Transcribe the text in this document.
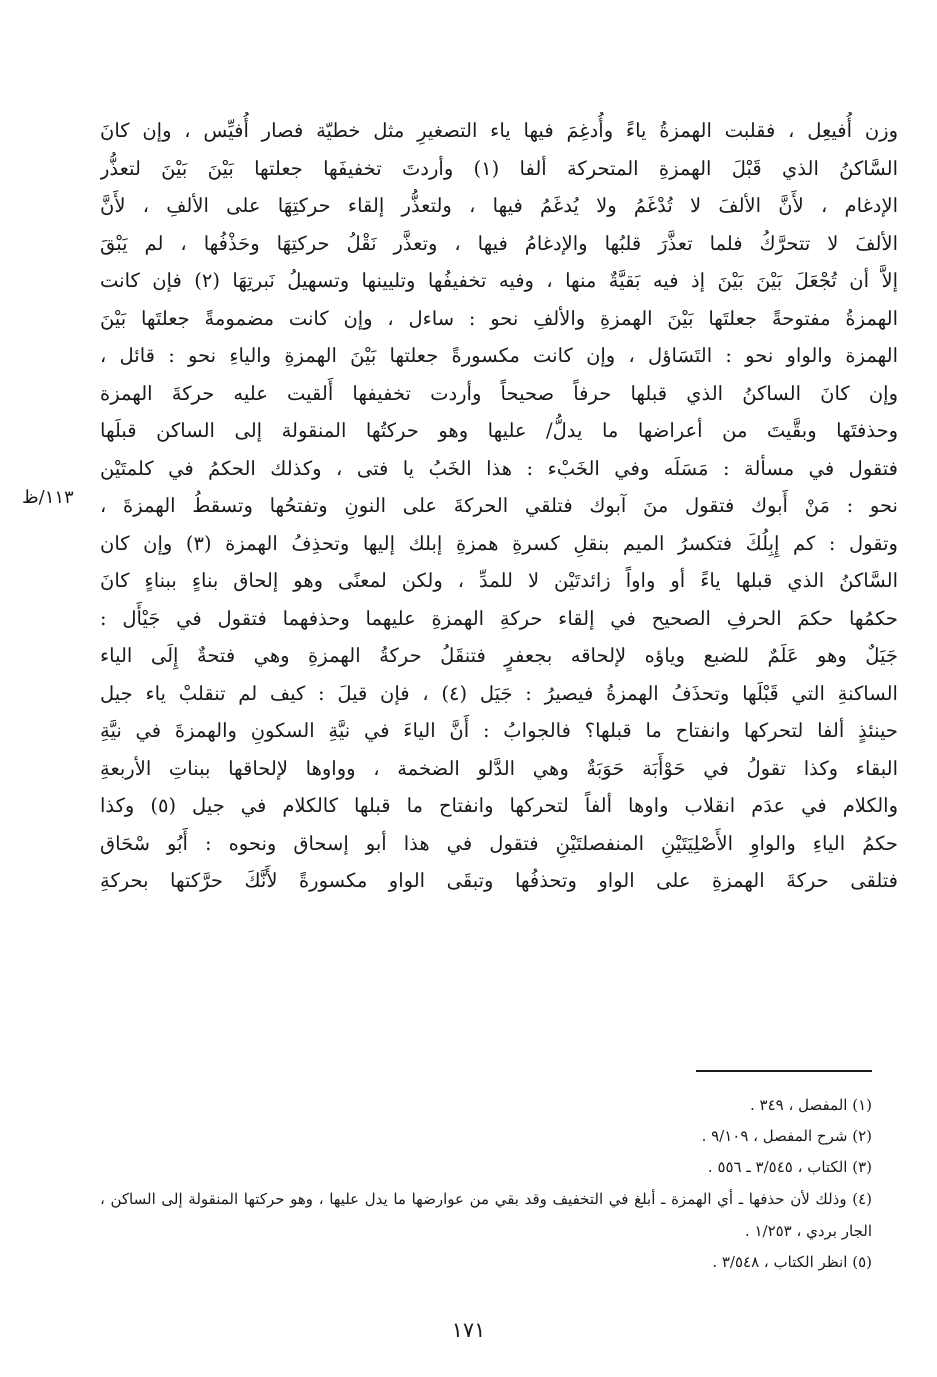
وزن أُفيعِل ، فقلبت الهمزةُ ياءً وأُدغِمَ فيها ياء التصغيرِ مثل خطيّة فصار أُفيِّس ، وإن كانَ
السَّاكنُ الذي قَبْلَ الهمزةِ المتحركة ألفا (١) وأردتَ تخفيفَها جعلتها بَيْنَ بَيْنَ لتعذُّر
الإدغام ، لأَنَّ الألفَ لا تُدْغَمُ ولا يُدغَمُ فيها ، ولتعذُّر إلقاء حركتِهَا على الألفِ ، لأَنَّ
الألفَ لا تتحرَّكُ فلما تعذَّرَ قلبُها والإدغامُ فيها ، وتعذَّر نَقْلُ حركتِهَا وحَذْفُها ، لم يَبْقَ
إلاَّ أن تُجْعَلَ بَيْنَ بَيْنَ إذ فيه بَقيَّةٌ منها ، وفيه تخفيفُها وتليينها وتسهيلُ نَبرتِهَا (٢) فإن كانت
الهمزةُ مفتوحةً جعلتَها بَيْنَ الهمزةِ والألفِ نحو : ساءل ، وإن كانت مضمومةً جعلتَها بَيْنَ
الهمزة والواو نحو : التَسَاؤل ، وإن كانت مكسورةً جعلتها بَيْنَ الهمزةِ والياءِ نحو : قائل ،
وإن كانَ الساكنُ الذي قبلها حرفاً صحيحاً وأردت تخفيفها أَلقيت عليه حركةَ الهمزة
وحذفتَها وبقَّيتَ من أعراضها ما يدلُّ/ عليها وهو حركتُها المنقولة إلى الساكن قبلَها
فتقول في مسألة : مَسَلَه وفي الخَبْء : هذا الخَبُ يا فتى ، وكذلك الحكمُ في كلمتَيْن
نحو : مَنْ أَبوك فتقول منَ آبوك فتلقي الحركةَ على النونِ وتفتحُها وتسقطُ الهمزةَ ،
وتقول : كم إِبِلُكَ فتكسرُ الميم بنقلِ كسرةِ همزةِ إبلك إليها وتحذِفُ الهمزة (٣) وإن كان
السَّاكنُ الذي قبلها ياءً أو واواً زائدتَيْن لا للمدِّ ، ولكن لمعنًى وهو إلحاق بناءٍ ببناءٍ كانَ
حكمُها حكمَ الحرفِ الصحيح في إلقاء حركةِ الهمزةِ عليهما وحذفهما فتقول في جَيْأَل :
جَيَلٌ وهو عَلَمٌ للضبع وياؤه لإلحاقه بجعفرٍ فتنقَلُ حركةُ الهمزةِ وهي فتحةٌ إِلَى الياء
الساكنةِ التي قَبْلَها وتحذَفُ الهمزةُ فيصيرُ : جَيَل (٤) ، فإن قيلَ : كيف لم تنقلبْ ياء جيل
حينئذٍ ألفا لتحركها وانفتاح ما قبلها؟ فالجوابُ : أَنَّ الياءَ في نيَّةِ السكونِ والهمزةَ في نيَّةِ
البقاء وكذا تقولُ في حَوْأَبَة حَوَبَةٌ وهي الدَّلو الضخمة ، وواوها لإلحاقها ببناتِ الأربعةِ
والكلام في عدَم انقلاب واوها ألفاً لتحركها وانفتاح ما قبلها كالكلام في جيل (٥) وكذا
حكمُ الياءِ والواوِ الأَصْلِيَتَيْنِ المنفصلتَيْنِ فتقول في هذا أبو إسحاق ونحوه : أَبُو سْحَاق
فتلقى حركةَ الهمزةِ على الواو وتحذفُها وتبقَى الواو مكسورةً لأَنَّكَ حرَّكتها بحركةِ
١١٣/ظ
(١) المفصل ، ٣٤٩ .
(٢) شرح المفصل ، ٩/١٠٩ .
(٣) الكتاب ، ٣/٥٤٥ ـ ٥٥٦ .
(٤) وذلك لأن حذفها ـ أي الهمزة ـ أبلغ في التخفيف وقد بقي من عوارضها ما يدل عليها ، وهو حركتها المنقولة إلى الساكن ، الجار بردي ، ١/٢٥٣ .
(٥) انظر الكتاب ، ٣/٥٤٨ .
١٧١
